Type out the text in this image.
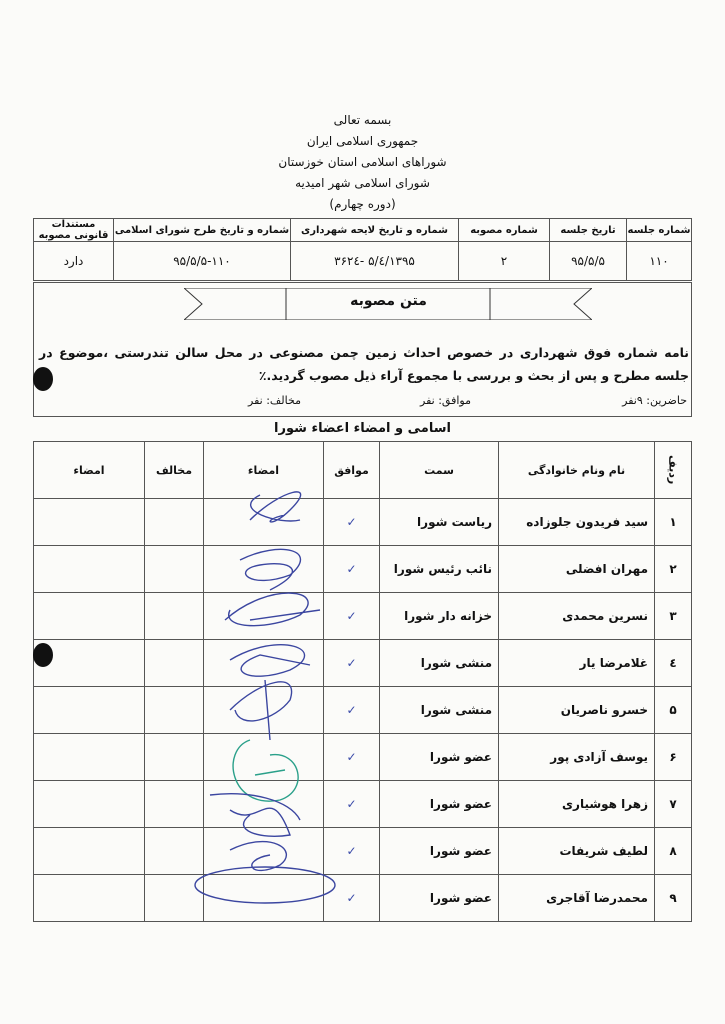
بسمه تعالی
جمهوری اسلامی ایران
شوراهای اسلامی استان خوزستان
شورای اسلامی شهر امیدیه
(دوره چهارم)
شماره جلسه	تاریخ جلسه	شماره مصوبه	شماره و تاریخ لایحه شهرداری	شماره و تاریخ طرح شورای اسلامی	مستندات قانونی مصوبه
۱۱۰	۹۵/۵/۵	۲	۱۳۹۵/٤/۵ -۳۶۲٤	۹۵/۵/۵-۱۱۰	دارد
متن مصوبه
نامه شماره فوق شهرداری در خصوص احداث زمین چمن مصنوعی در محل سالن تندرستی ،موضوع در جلسه مطرح و پس از بحث و بررسی با مجموع آراء ذیل مصوب گردید.٪
حاضرین: ۹نفر
موافق: نفر
مخالف: نفر
اسامی و امضاء اعضاء شورا
ردیف	نام ونام خانوادگی	سمت	موافق	امضاء	مخالف	امضاء
۱	سید فریدون جلوزاده	ریاست شورا	✓			
۲	مهران افضلی	نائب رئیس شورا	✓			
۳	نسرین محمدی	خزانه دار شورا	✓			
٤	غلامرضا یار	منشی شورا	✓			
۵	خسرو ناصریان	منشی شورا	✓			
۶	یوسف آزادی پور	عضو شورا	✓			
۷	زهرا هوشیاری	عضو شورا	✓			
۸	لطیف شریفات	عضو شورا	✓			
۹	محمدرضا آقاجری	عضو شورا	✓			
